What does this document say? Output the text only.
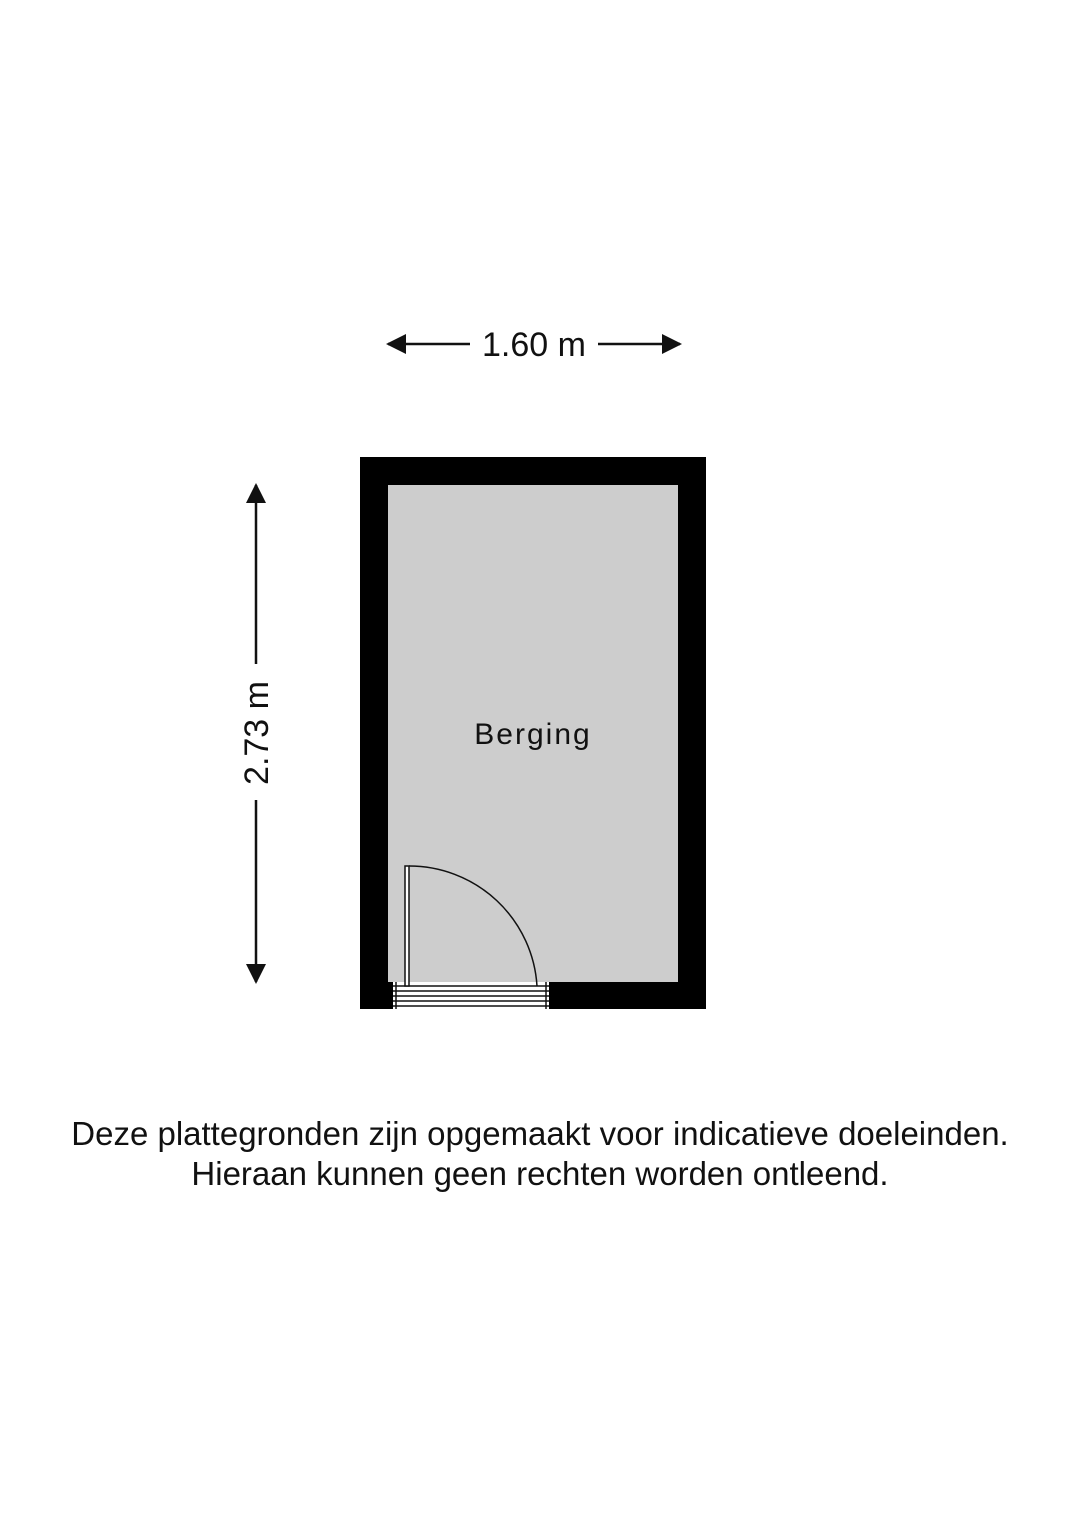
1.60 m
2.73 m	Berging
Deze plattegronden zijn opgemaakt voor indicatieve doeleinden.
Hieraan kunnen geen rechten worden ontleend.
